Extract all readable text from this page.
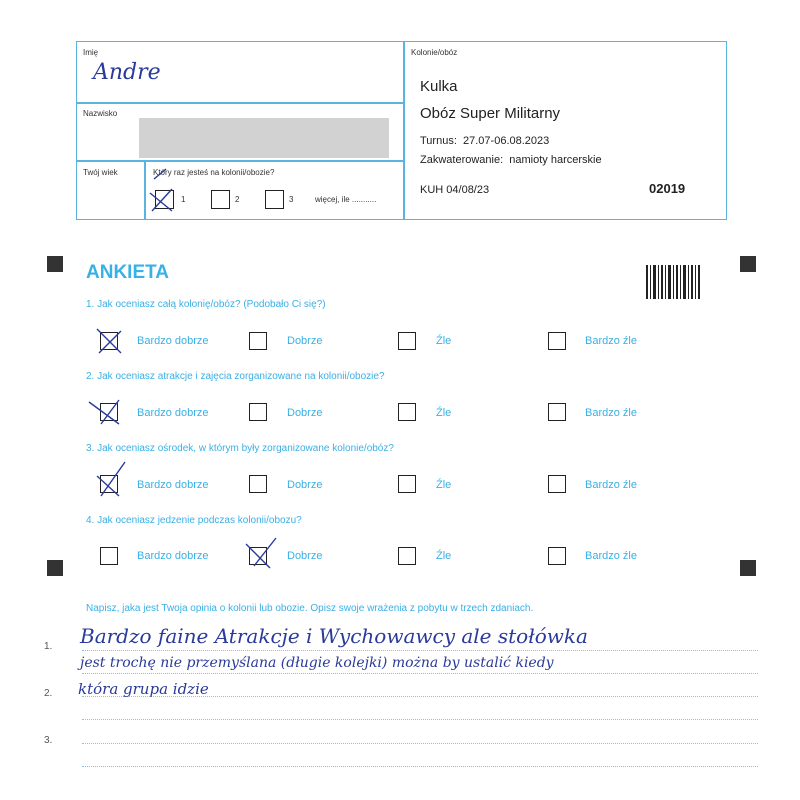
Imię
Andre
Nazwisko
Twój wiek	Który raz jesteś na kolonii/obozie?
1	2	3	więcej, ile ...........
Kolonie/obóz
Kulka
Obóz Super Militarny
Turnus: 27.07-06.08.2023
Zakwaterowanie: namioty harcerskie
KUH 04/08/23	02019
ANKIETA
1. Jak oceniasz całą kolonię/obóz? (Podobało Ci się?)
Bardzo dobrze	Dobrze	Źle	Bardzo źle
2. Jak oceniasz atrakcje i zajęcia zorganizowane na kolonii/obozie?
Bardzo dobrze	Dobrze	Źle	Bardzo źle
3. Jak oceniasz ośrodek, w którym były zorganizowane kolonie/obóz?
Bardzo dobrze	Dobrze	Źle	Bardzo źle
4. Jak oceniasz jedzenie podczas kolonii/obozu?
Bardzo dobrze	Dobrze	Źle	Bardzo źle
Napisz, jaka jest Twoja opinia o kolonii lub obozie. Opisz swoje wrażenia z pobytu w trzech zdaniach.
1.
2.
3.
Bardzo faine Atrakcje i Wychowawcy ale stołówka
jest trochę nie przemyślana (długie kolejki) można by ustalić kiedy
która grupa idzie
